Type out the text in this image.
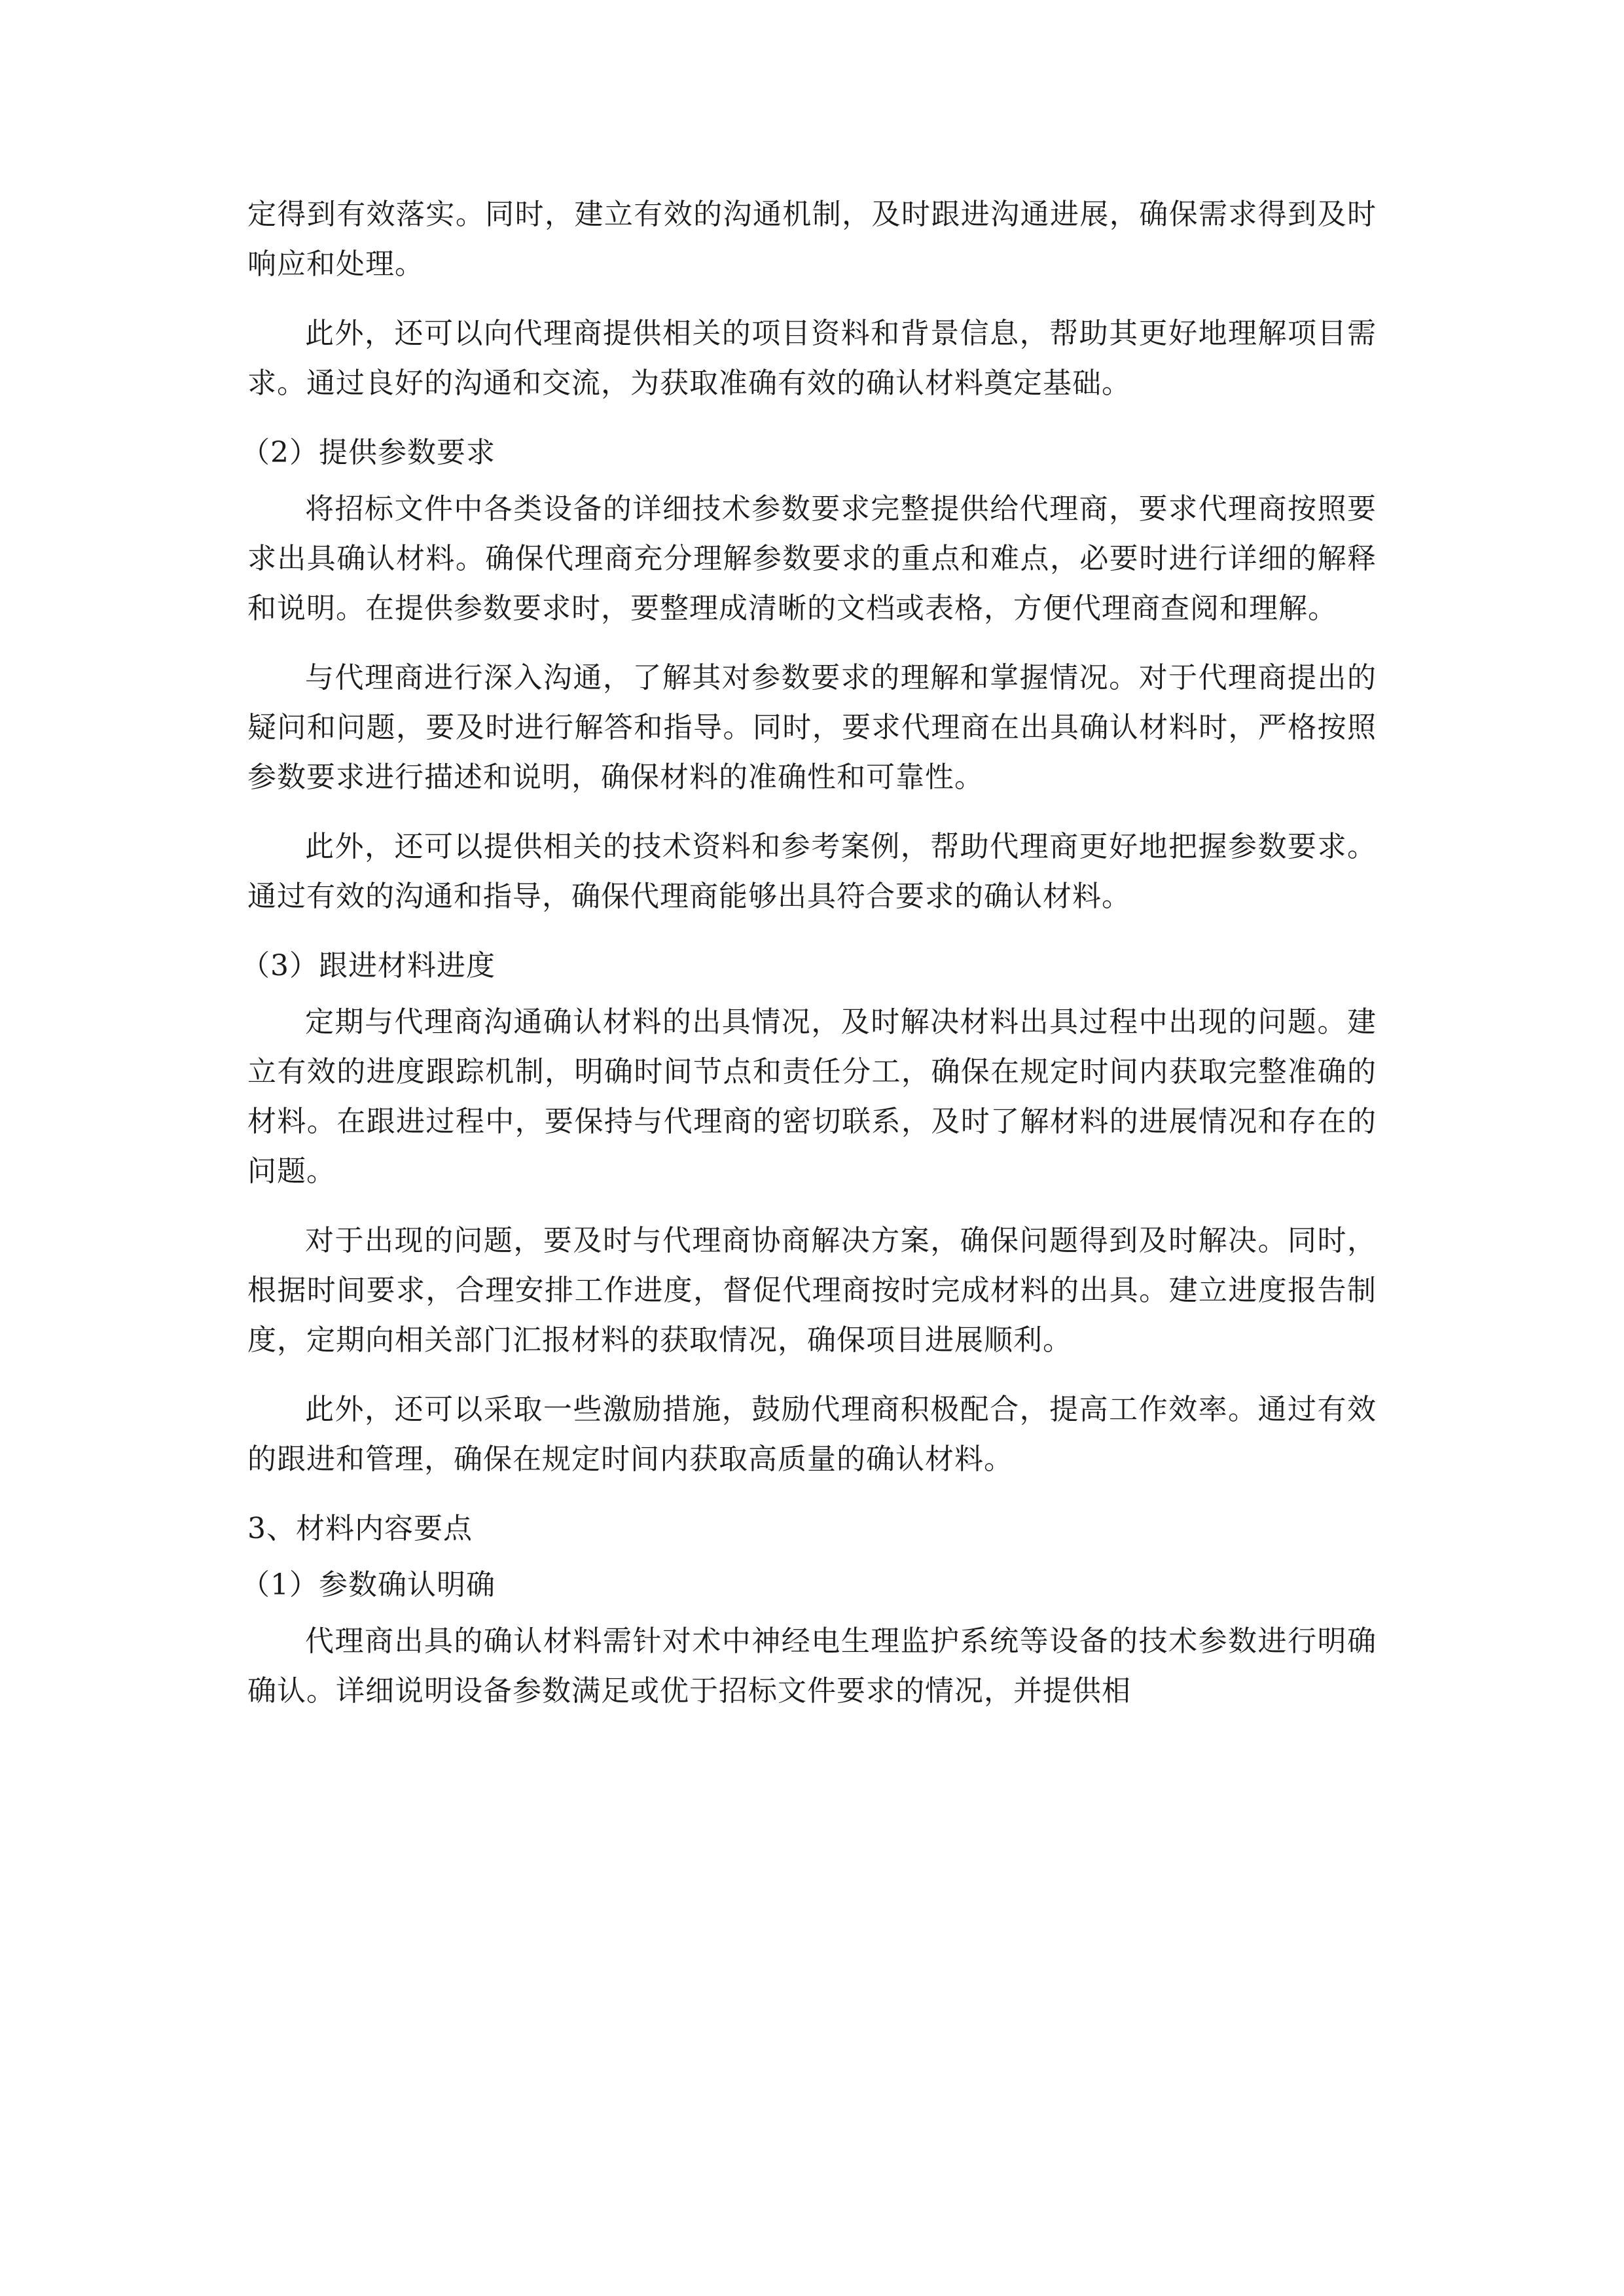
定得到有效落实。同时，建立有效的沟通机制，及时跟进沟通进展，确保需求得到及时响应和处理。

此外，还可以向代理商提供相关的项目资料和背景信息，帮助其更好地理解项目需求。通过良好的沟通和交流，为获取准确有效的确认材料奠定基础。

（2）提供参数要求

将招标文件中各类设备的详细技术参数要求完整提供给代理商，要求代理商按照要求出具确认材料。确保代理商充分理解参数要求的重点和难点，必要时进行详细的解释和说明。在提供参数要求时，要整理成清晰的文档或表格，方便代理商查阅和理解。

与代理商进行深入沟通，了解其对参数要求的理解和掌握情况。对于代理商提出的疑问和问题，要及时进行解答和指导。同时，要求代理商在出具确认材料时，严格按照参数要求进行描述和说明，确保材料的准确性和可靠性。

此外，还可以提供相关的技术资料和参考案例，帮助代理商更好地把握参数要求。通过有效的沟通和指导，确保代理商能够出具符合要求的确认材料。

（3）跟进材料进度

定期与代理商沟通确认材料的出具情况，及时解决材料出具过程中出现的问题。建立有效的进度跟踪机制，明确时间节点和责任分工，确保在规定时间内获取完整准确的材料。在跟进过程中，要保持与代理商的密切联系，及时了解材料的进展情况和存在的问题。

对于出现的问题，要及时与代理商协商解决方案，确保问题得到及时解决。同时，根据时间要求，合理安排工作进度，督促代理商按时完成材料的出具。建立进度报告制度，定期向相关部门汇报材料的获取情况，确保项目进展顺利。

此外，还可以采取一些激励措施，鼓励代理商积极配合，提高工作效率。通过有效的跟进和管理，确保在规定时间内获取高质量的确认材料。

3、材料内容要点
（1）参数确认明确

代理商出具的确认材料需针对术中神经电生理监护系统等设备的技术参数进行明确确认。详细说明设备参数满足或优于招标文件要求的情况，并提供相
